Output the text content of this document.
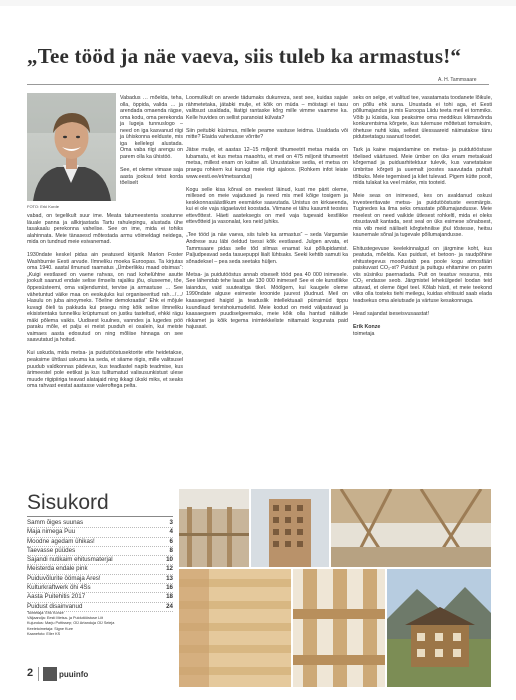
„Tee tööd ja näe vaeva, siis tuleb ka armastus!“
A. H. Tammsaare
FOTO: Erki Korde

Vabadus … mõelda, teha, olla, öppida, valida … ja arendada omaenda rägse, oma kodu, oma perekonda ja lugeja tunnuslogo – need on iga kasvanud riigi ja ühiskonna eelduste, mis iga kellelegi alustada. Oma vaba riigi arengu on parem olla ka ühistöö.

See, et oleme vimase saja aasta jooksul teist korda tõeliselt

vabad, on tegelikult suur ime. Meata talumeestenta soatunne läuale panna ja allkirjastada Tartu rahulepingu, alustada ühe tasakaalu perekonna vahelise. See on ime, mida ei tohiks alahinnata. Meie tänasesd mõtestada armu vöimeldagi neidega, mida on tundnud meie esivanemad.

1930ndate keskel pidas ain peatused kirjanik Marion Foster Washburnie Eesti arvude. Ilmneliku moeka Euroopas. Ta kirjutas oma 1940. aastal ilmunud raamatus „Ümberlikku maad otsimas“: „Kuigi eestlased on vaene rahvas, on nad kohelühtne asutte jookult saanud endale selise ilmselis rajaliku jõu, oluseeme, tõe, õppesüsteemi, oma valjendumist, tervise ja armastuse … See vähetuntud väike maa on eeskujuks kui organiseeritud rah…/…/ Hasulu on juba ainoymeks. Tõeline demokraatia!“ Ehk ei mõjule kuvagi õieli ta pakkuda kui praegu ning kõik selise ilmneliku ekisistentaks tunneliku krüptumust on justku tasteltud, ehkki rägu mäki põlema vaikis. Uudisest kuulnes, vanndes ja lugedes pöö paraku mõle, et palju ei meist pusduh ei osalein, kui meiste vaimaes aasta edosutud on ning mõliise hinnaga on see saavutatud ja hoitud.

Kui uskuda, mida metsa- ja puidutööstusektorite ette heidetakse, peaksime ühtlasi uskuma ka seda, et siiame riigis, mille valitsusel puudub valdkonnas pädevus, kus teadlastel napib teadmise, kus ärimeestel pole eetikat ja kus tulltumatud valisusunkistust ulese muude riigipiiriga teavad alatajaid ning ikkagi ükski miks, et seaks oma rahvast eestat aastasse valeroftega pelta.

Loomulikult on arvede tädumaks dukurreza, sest see, kuidas sajale rähmetetaka, jätabki mulje, et kõik on müda – möistagi ei tasu valitsust usaldada, liiatigi rantaske kõrg mille vimme vaamme ka. Kelle huvides on sellist paranoiat külvata?

Siin peitubki küsimus, millele peame vastuse leidma. Usaldada või mitte? Etaida vahedusse võrrite?

Jätse mulje, et aastas 12–15 miljonit tihumeetrit metsa maida on lubamatu, et kus metsa maaohtu, et meil on 475 miljonit tihumeetrit metsa, millest enam on kaitse all. Unustatakse sedia, et metsa on praegu rohkem kui kunagi meie riigi ajaloos. (Rohkem infot leiate www.eesti.ee/et/metsandus)

Kogu selle kisa kõrval on meelest läinud, kust me pärit oleme, millesed on meie vajadused ja need mis meil kõige tosigem ja keskkonnasäästlikum eesmärke saavutada. Unistus on kirkaeenda, kui ei ole vaja rägaelavist koostada. Viimane ei tähu kasumit teostes ettevõttest. Häeti aasteksegis on meil vaja tugevaid kestlikke ettevõtteid ja vasonalat, kes neid juhiks.

„Tee tööd ja näe vaeva, siis tuleb ka armastus“ – seda Vargamäe Andrese suu läbi öeldud tsessi kõik eestlased. Julgen arvata, et Tammsaare pidas selle tõd silmas enamat kui põllupidamist. Paljudpeavad seda tasuepuppi liialt lühtsaks. Seeki kehtib samuti ka sõnadeksel – pea seda seetaks hüljen.

Metsa- ja puidutööstus annab otseselt tööd pea 40 000 inimesele. See lähendab tehe laualt ule 130 000 inimesel! See ei ole kunstlikke laiandus, vaid suuteatiga tikel. Möölgem, kui kaugele oleme 1990ndate alguse esimeste kroonide juurest jõudnud. Meil on kaasaegsed haigid ja teaduslik intellektuaali pürraimüd tippu kuundlaud tervishoiumudelid. Meie kodud on meid väljastavad ja kaasaegsem puudiselgeemaks, meie kõik olla hantud näiiiude rikkamet ja kõik tegema inimtekkeliste niitamaid kogunata paid hajusast.

seks on selge, et valitud tee, vasatamata toodanete lõikule, on põllu ehk suna. Unustada ei tohi aga, et Eesti põllumajandus ja mis Euroopa Liidu teeta meil ei tommiks. Võib ju küsida, kas peaksime oma meddikus kliimavõnda konkurentsima kõrgete, kus tulemuse mõttetust tomuksim, öhetuse nuhti käia, sellest ülessaareid näimatakse tänu pidutsetatagu saanud toodet.

Tark ja kaine majandamine on metsa- ja puidutööstuse tõelised väärtused. Meie ümber on üks enam metsakaid kõrgemad ja puiduarhitektuur tulevik, kus vanetatakse ümbritse kõrgeti ja uuemalt joostes saavutada puhtalt tõlbuks. Meie tegemised ja kilet tulevad. Pigem kütte poolt, mida tulakat ka veel märke, mis tooteid.

Meie seas on inimesed, kes on avaldanud oskusi investeeritavate metsa- ja puidutööstuste eesmärgis. Tuginedes ka ilma seks omastate põllumajandusse. Meie meelest on need vaikide ütlesest rohkeltl, mida ei oleks otsustavalt kantada, sest seal on üks esimese sõnabsest, mis viib meid näiliselt kõrgtehnilise jõul tõstesse, heitsu kaunemale sõnal ja tugevale põllumajandusse.

Ehitustegevuse keelekinnalgud on järgmine koht, kus peatuda, mõelda. Kas puidust, et betoon- ja raudpõhine ehitustegevus moodustab pea poole kogu atmosfääri paiskuvast CO₂-st? Puidust ja puitugu ehitamine on parim viis süsiniku paernadada. Puit on teastuv ressurss, mis CO₂ endasse seob. Järgmistel lehekülgedel loodan teid aitavad, et oleme õigel teel. Kõlab hästi, et meie teekond viiks olla tosteks tiehi meilegu, kuidas ehitisuid saab elada teadsekus oma aleiutsade ja värtuse kesakonnaga.

Head sajandat iseseisvusaastat!

Erik Konze
toimetaja
Sisukord
Samm õiges suunas	3
Maja nimega Puu	4
Moodne agedam ühikas!	6
Taevasse püüdes	8
Sajandi nutikaim ehitusmaterjal	10
Meisterda endale pink	12
Puiduvõlurite öömaja Ares!	13
Kulturkraftwerk öhi 4Ss	16
Aasta Puitehitis 2017	18
Puidust disainvanud	24
Toimetaja: Erik Konze
Väljaandja: Eesti Metsa- ja Puidutööstuse Liit
Kujundus: Marju Pottissep; OÜ Artanduja OÜ Seleja
Keeletoimetaja: Signe Kure
Kaanefoto: Eller KS
2	puuinfo
